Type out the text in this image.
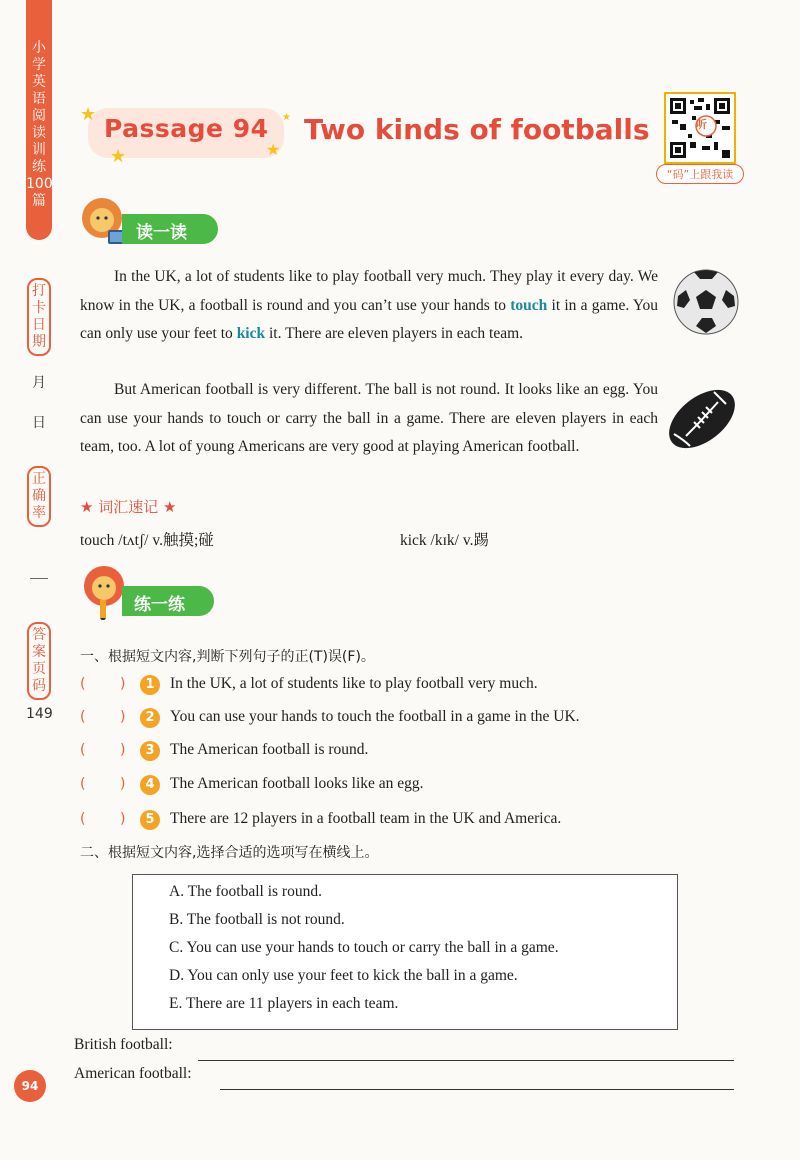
小学英语阅读训练100篇
打卡日期
月
日
正确率
答案页码
149
★
★	★
★
Passage 94 Two kinds of footballs	听
“码”上跟我读
读一读

In the UK, a lot of students like to play football very much. They play it every day. We know in the UK, a football is round and you can’t use your hands to touch it in a game. You can only use your feet to kick it. There are eleven players in each team.

But American football is very different. The ball is not round. It looks like an egg. You can use your hands to touch or carry the ball in a game. There are eleven players in each team, too. A lot of young Americans are very good at playing American football.

★ 词汇速记 ★
touch /tʌtʃ/ v.触摸;碰	kick /kɪk/ v.踢
练一练
一、根据短文内容,判断下列句子的正(T)误(F)。
( )	1 In the UK, a lot of students like to play football very much.
( )	2 You can use your hands to touch the football in a game in the UK.
( )	3 The American football is round.
( )	4 The American football looks like an egg.
( )	5 There are 12 players in a football team in the UK and America.
二、根据短文内容,选择合适的选项写在横线上。
A. The football is round.
B. The football is not round.
C. You can use your hands to touch or carry the ball in a game.
D. You can only use your feet to kick the ball in a game.
E. There are 11 players in each team.
British football:
American football:
94
